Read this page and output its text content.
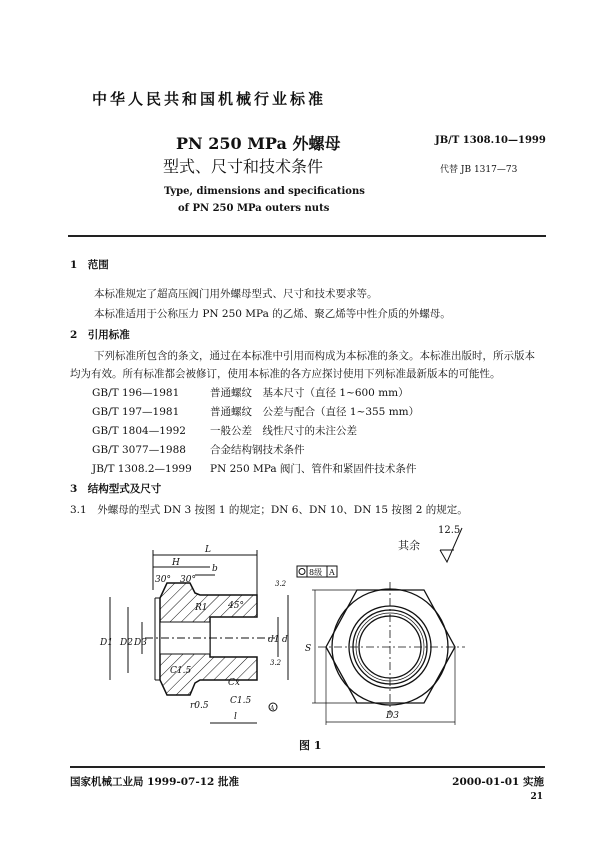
中华人民共和国机械行业标准
PN 250 MPa 外螺母
型式、尺寸和技术条件
Type, dimensions and specifications
of PN 250 MPa outers nuts
JB/T 1308.10—1999
代替 JB 1317—73
1　范围
本标准规定了超高压阀门用外螺母型式、尺寸和技术要求等。
本标准适用于公称压力 PN 250 MPa 的乙烯、聚乙烯等中性介质的外螺母。
2　引用标准
下列标准所包含的条文，通过在本标准中引用而构成为本标准的条文。本标准出版时，所示版本
均为有效。所有标准都会被修订，使用本标准的各方应探讨使用下列标准最新版本的可能性。
GB/T 196—1981	普通螺纹　基本尺寸（直径 1~600 mm）
GB/T 197—1981	普通螺纹　公差与配合（直径 1~355 mm）
GB/T 1804—1992 一般公差　线性尺寸的未注公差
GB/T 3077—1988 合金结构钢技术条件
JB/T 1308.2—1999 PN 250 MPa 阀门、管件和紧固件技术条件
3　结构型式及尺寸
3.1　外螺母的型式 DN 3 按图 1 的规定；DN 6、DN 10、DN 15 按图 2 的规定。
其余
12.5
L
H
b
30° 30°
45°
R1
D1 D2 D3	d1 d
C1.5
C1.5
Cx
r0.5
l
A
3.2
3.2
8级 A
S
D3
图 1
国家机械工业局 1999-07-12 批准	2000-01-01 实施
21
